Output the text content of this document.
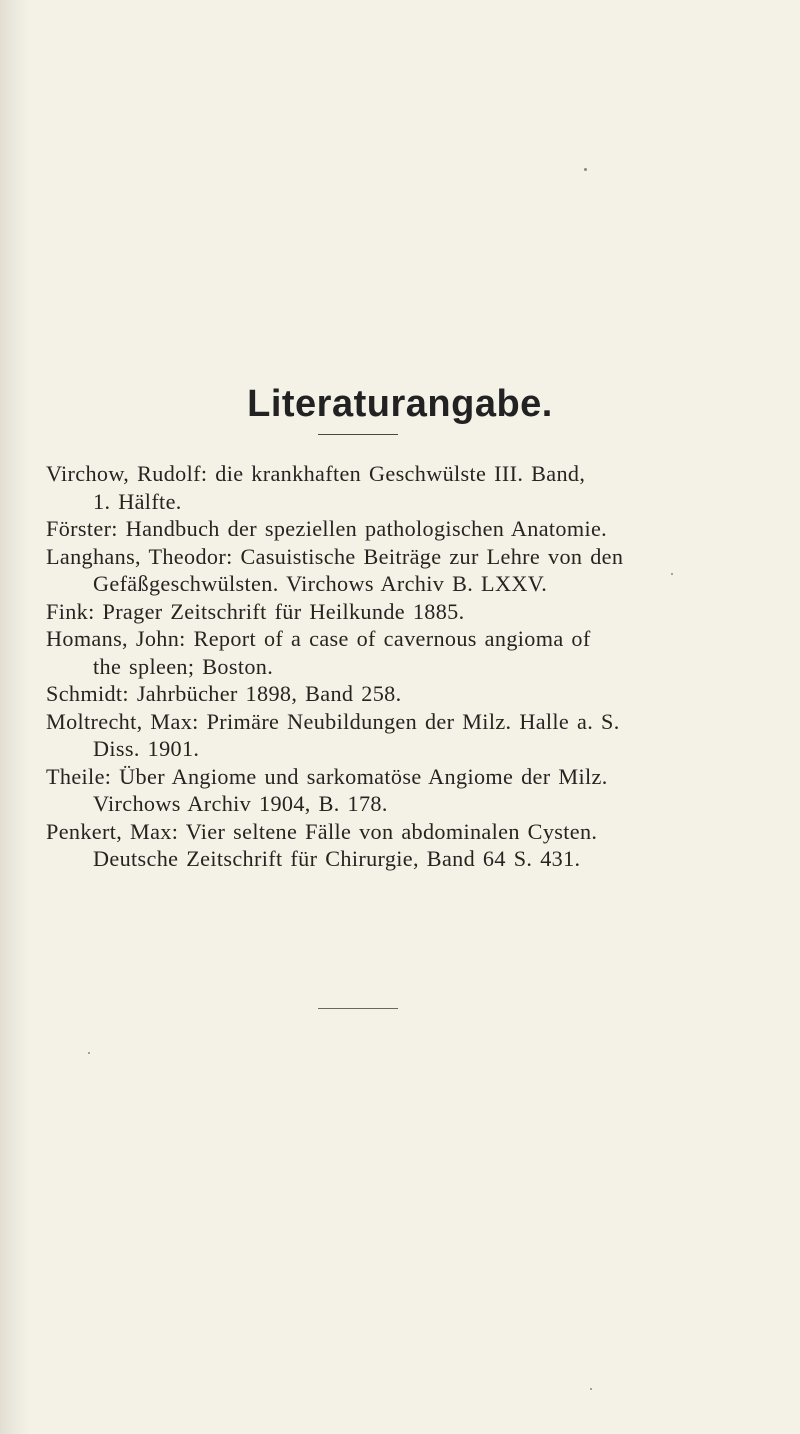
Literaturangabe.
Virchow, Rudolf: die krankhaften Geschwülste III. Band,
1. Hälfte.
Förster: Handbuch der speziellen pathologischen Anatomie.
Langhans, Theodor: Casuistische Beiträge zur Lehre von den
Gefäßgeschwülsten. Virchows Archiv B. LXXV.
Fink: Prager Zeitschrift für Heilkunde 1885.
Homans, John: Report of a case of cavernous angioma of
the spleen; Boston.
Schmidt: Jahrbücher 1898, Band 258.
Moltrecht, Max: Primäre Neubildungen der Milz. Halle a. S.
Diss. 1901.
Theile: Über Angiome und sarkomatöse Angiome der Milz.
Virchows Archiv 1904, B. 178.
Penkert, Max: Vier seltene Fälle von abdominalen Cysten.
Deutsche Zeitschrift für Chirurgie, Band 64 S. 431.
